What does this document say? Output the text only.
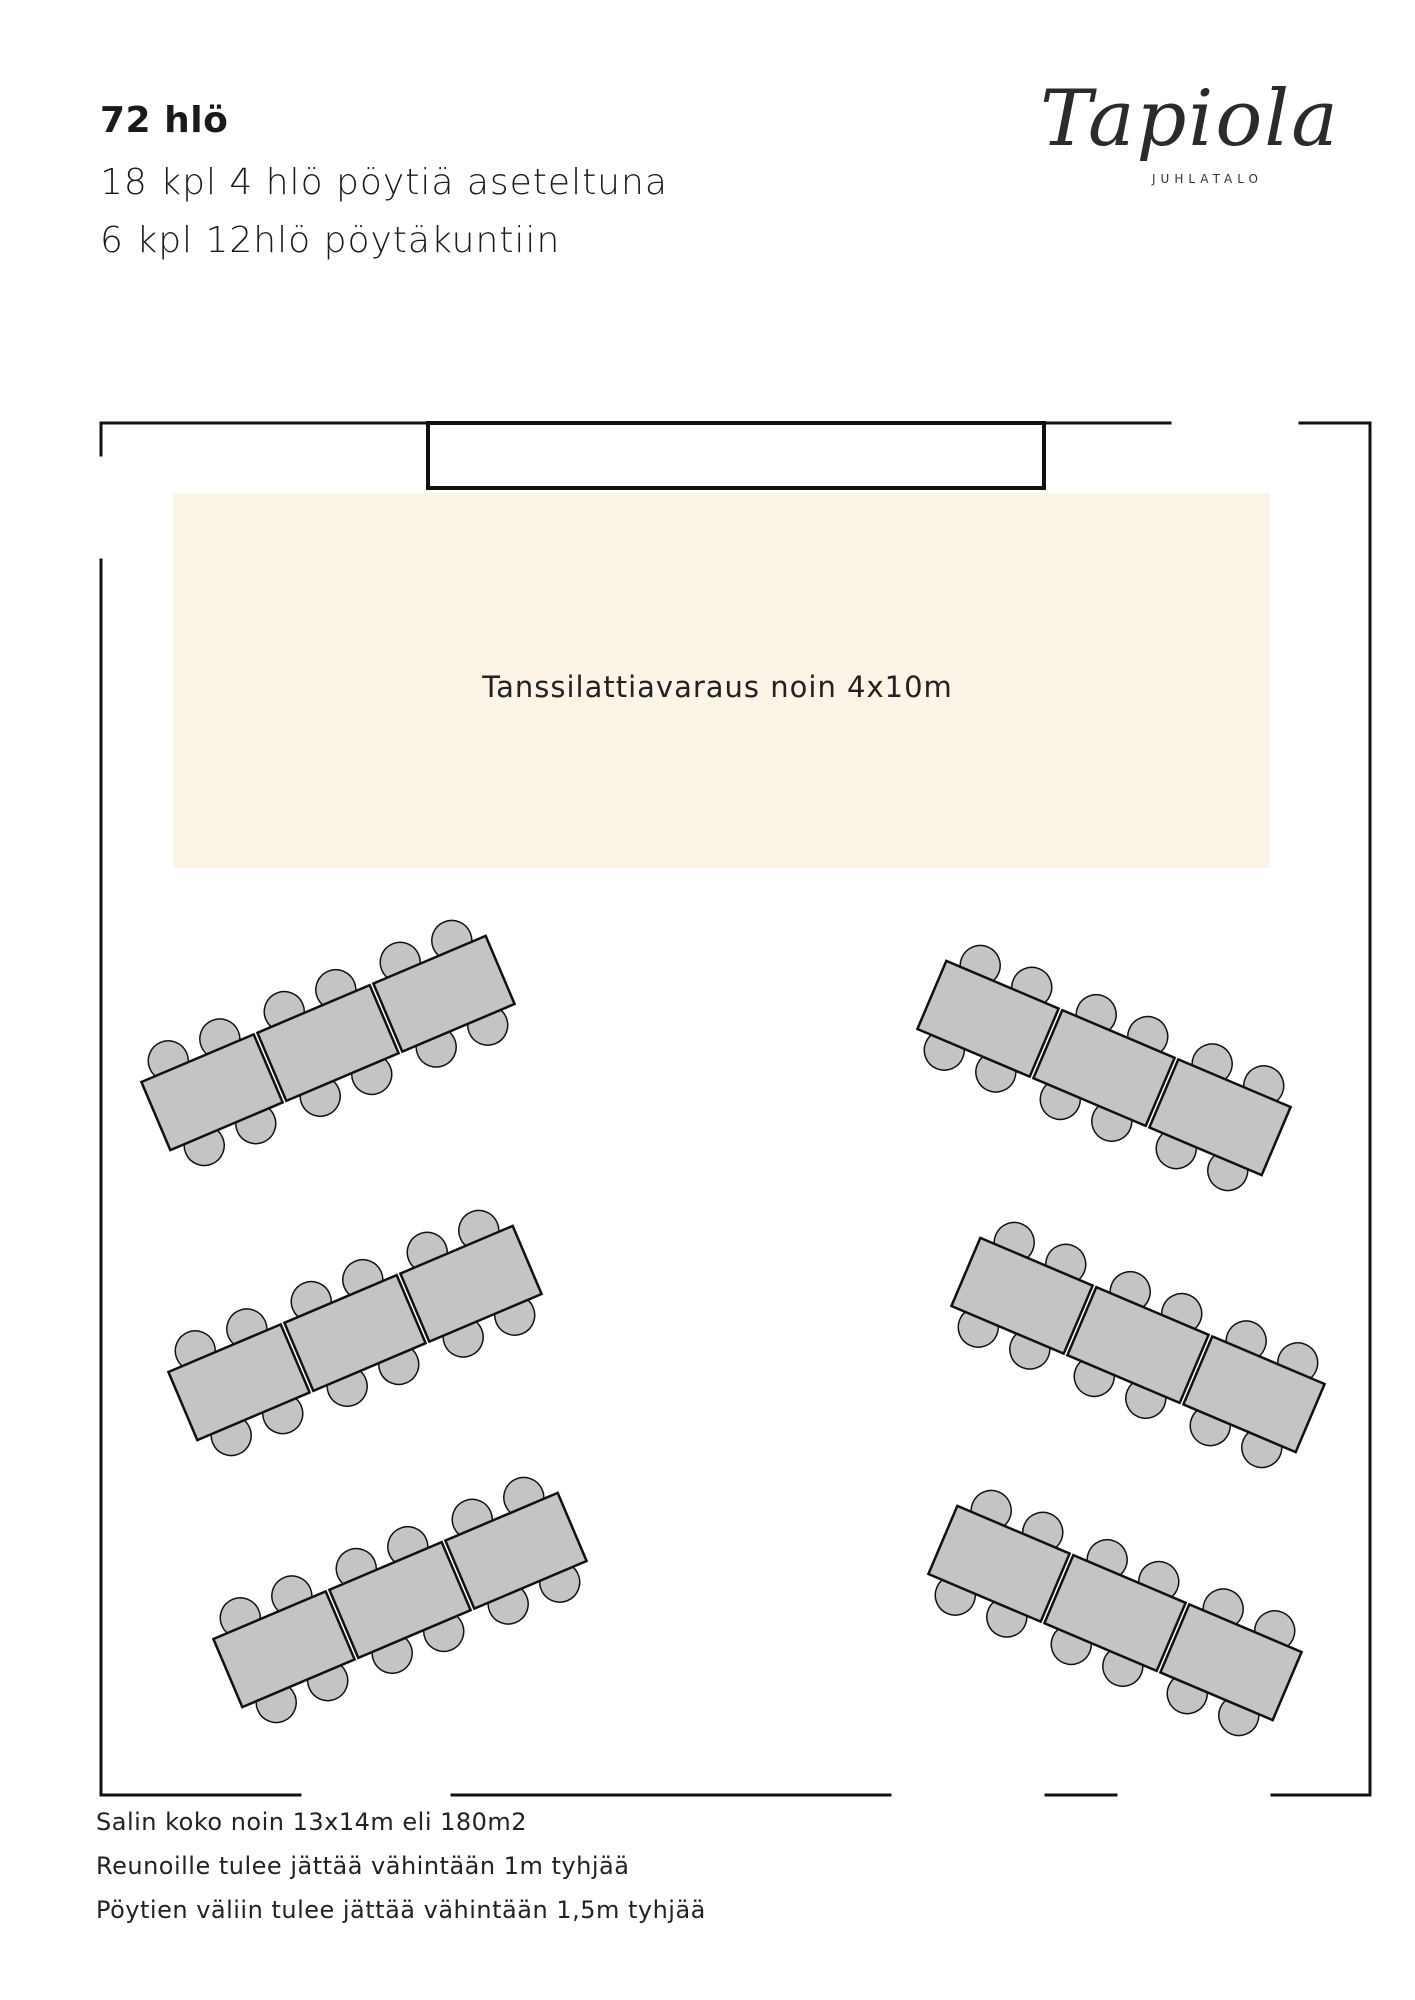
72 hlö
18 kpl 4 hlö pöytiä aseteltuna
6 kpl 12hlö pöytäkuntiin
Tapiola
JUHLATALO
Tanssilattiavaraus noin 4x10m
Salin koko noin 13x14m eli 180m2
Reunoille tulee jättää vähintään 1m tyhjää
Pöytien väliin tulee jättää vähintään 1,5m tyhjää
